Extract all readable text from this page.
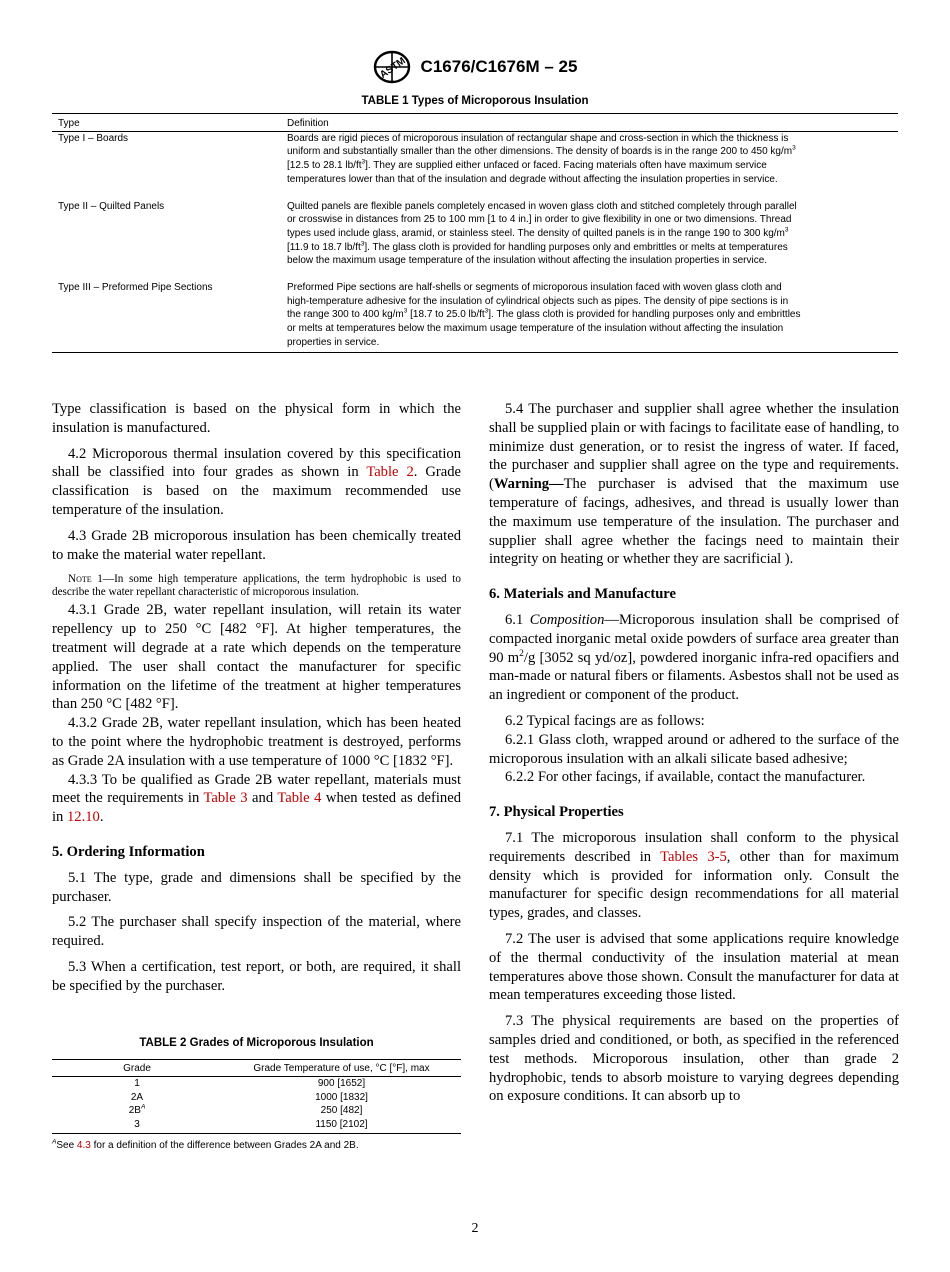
ASTM C1676/C1676M – 25
TABLE 1 Types of Microporous Insulation
Type	Definition
Type I – Boards	Boards are rigid pieces of microporous insulation of rectangular shape and cross-section in which the thickness is
uniform and substantially smaller than the other dimensions. The density of boards is in the range 200 to 450 $kg/m^3$
[12.5 to 28.1 $lb/ft^3$]. They are supplied either unfaced or faced. Facing materials often have maximum service
temperatures lower than that of the insulation and degrade without affecting the insulation properties in service.
Type II – Quilted Panels	Quilted panels are flexible panels completely encased in woven glass cloth and stitched completely through parallel
or crosswise in distances from 25 to 100 mm [1 to 4 in.] in order to give flexibility in one or two dimensions. Thread
types used include glass, aramid, or stainless steel. The density of quilted panels is in the range 190 to 300 $kg/m^3$
[11.9 to 18.7 $lb/ft^3$]. The glass cloth is provided for handling purposes only and embrittles or melts at temperatures
below the maximum usage temperature of the insulation without affecting the insulation properties in service.
Type III – Preformed Pipe Sections	Preformed Pipe sections are half-shells or segments of microporous insulation faced with woven glass cloth and
high-temperature adhesive for the insulation of cylindrical objects such as pipes. The density of pipe sections is in
the range 300 to 400 $kg/m^3$ [18.7 to 25.0 $lb/ft^3$]. The glass cloth is provided for handling purposes only and embrittles
or melts at temperatures below the maximum usage temperature of the insulation without affecting the insulation
properties in service.

Type classification is based on the physical form in which the insulation is manufactured.

4.2 Microporous thermal insulation covered by this specification shall be classified into four grades as shown in Table 2. Grade classification is based on the maximum recommended use temperature of the insulation.

4.3 Grade 2B microporous insulation has been chemically treated to make the material water repellant.

Note 1—In some high temperature applications, the term hydrophobic is used to describe the water repellant characteristic of microporous insulation.

4.3.1 Grade 2B, water repellant insulation, will retain its water repellency up to 250 °C [482 °F]. At higher temperatures, the treatment will degrade at a rate which depends on the temperature applied. The user shall contact the manufacturer for specific information on the lifetime of the treatment at higher temperatures than 250 °C [482 °F].

4.3.2 Grade 2B, water repellant insulation, which has been heated to the point where the hydrophobic treatment is destroyed, performs as Grade 2A insulation with a use temperature of 1000 °C [1832 °F].

4.3.3 To be qualified as Grade 2B water repellant, materials must meet the requirements in Table 3 and Table 4 when tested as defined in 12.10.

5. Ordering Information

5.1 The type, grade and dimensions shall be specified by the purchaser.

5.2 The purchaser shall specify inspection of the material, where required.

5.3 When a certification, test report, or both, are required, it shall be specified by the purchaser.

TABLE 2 Grades of Microporous Insulation
Grade	Grade Temperature of use, °C [°F], max
1	900 [1652]
2A	1000 [1832]
$2B^A$	250 [482]
3	1150 [2102]
$^A$See 4.3 for a definition of the difference between Grades 2A and 2B.

5.4 The purchaser and supplier shall agree whether the insulation shall be supplied plain or with facings to facilitate ease of handling, to minimize dust generation, or to resist the ingress of water. If faced, the purchaser and supplier shall agree on the type and requirements. (Warning—The purchaser is advised that the maximum use temperature of facings, adhesives, and thread is usually lower than the maximum use temperature of the insulation. The purchaser and supplier shall agree whether the facings need to maintain their integrity on heating or whether they are sacrificial ).

6. Materials and Manufacture

6.1 Composition—Microporous insulation shall be comprised of compacted inorganic metal oxide powders of surface area greater than 90 $m^2/g$ [3052 sq yd/oz], powdered inorganic infra-red opacifiers and man-made or natural fibers or filaments. Asbestos shall not be used as an ingredient or component of the product.

6.2 Typical facings are as follows:

6.2.1 Glass cloth, wrapped around or adhered to the surface of the microporous insulation with an alkali silicate based adhesive;

6.2.2 For other facings, if available, contact the manufacturer.

7. Physical Properties

7.1 The microporous insulation shall conform to the physical requirements described in Tables 3-5, other than for maximum density which is provided for information only. Consult the manufacturer for specific design recommendations for all material types, grades, and classes.

7.2 The user is advised that some applications require knowledge of the thermal conductivity of the insulation material at mean temperatures above those shown. Consult the manufacturer for data at mean temperatures exceeding those listed.

7.3 The physical requirements are based on the properties of samples dried and conditioned, or both, as specified in the referenced test methods. Microporous insulation, other than grade 2 hydrophobic, tends to absorb moisture to varying degrees depending on exposure conditions. It can absorb up to

2
